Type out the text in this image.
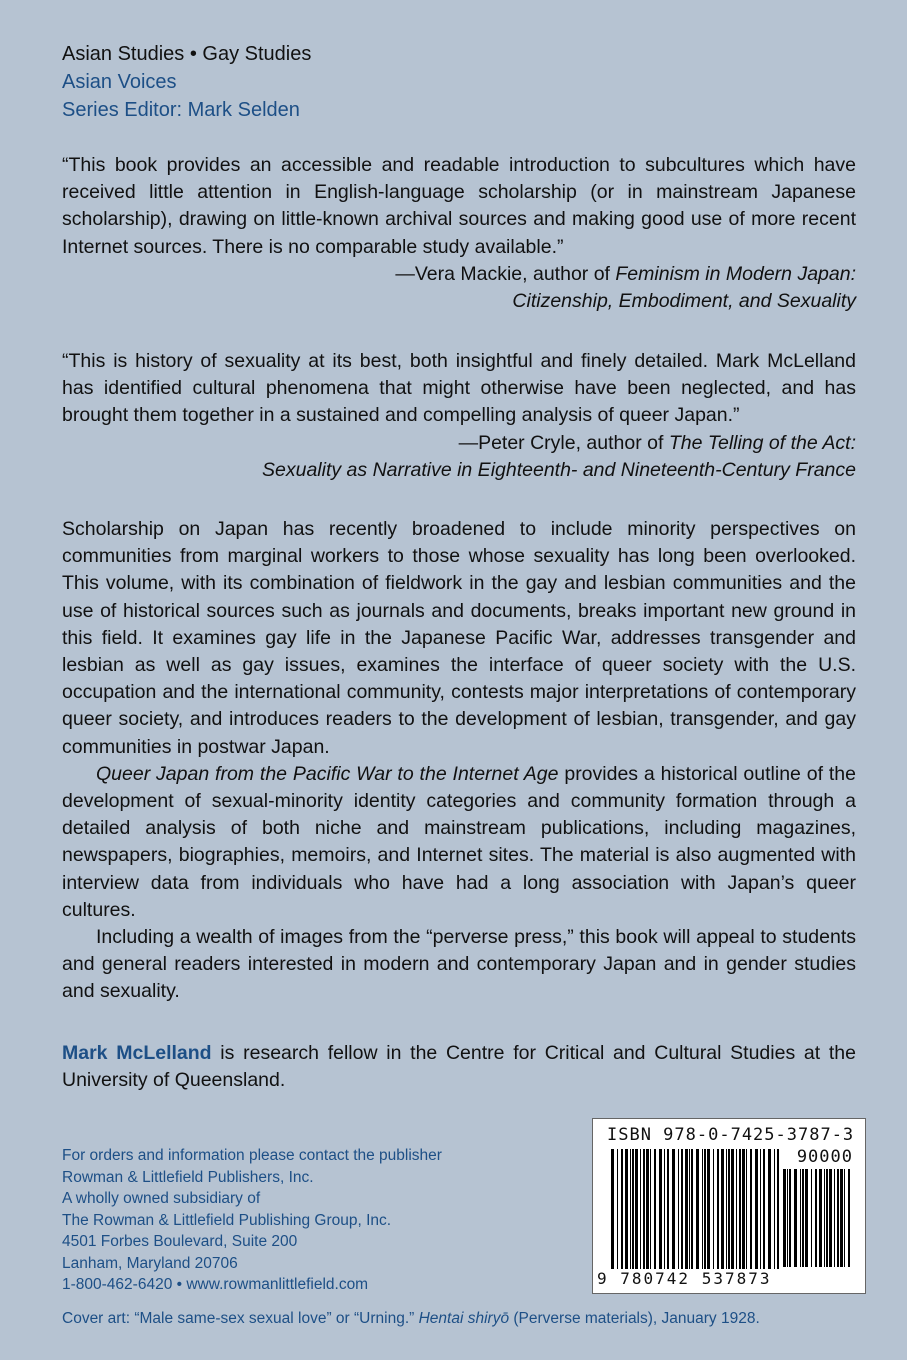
Asian Studies • Gay Studies
Asian Voices
Series Editor: Mark Selden
“This book provides an accessible and readable introduction to subcultures which have received little attention in English-language scholarship (or in mainstream Japanese scholarship), drawing on little-known archival sources and making good use of more recent Internet sources. There is no comparable study available.”
—Vera Mackie, author of Feminism in Modern Japan:
Citizenship, Embodiment, and Sexuality
“This is history of sexuality at its best, both insightful and finely detailed. Mark McLelland has identified cultural phenomena that might otherwise have been neglected, and has brought them together in a sustained and compelling analysis of queer Japan.”
—Peter Cryle, author of The Telling of the Act:
Sexuality as Narrative in Eighteenth- and Nineteenth-Century France

Scholarship on Japan has recently broadened to include minority perspectives on communities from marginal workers to those whose sexuality has long been overlooked. This volume, with its combination of fieldwork in the gay and lesbian communities and the use of historical sources such as journals and documents, breaks important new ground in this field. It examines gay life in the Japanese Pacific War, addresses transgender and lesbian as well as gay issues, examines the interface of queer society with the U.S. occupation and the international community, contests major interpretations of contemporary queer society, and introduces readers to the development of lesbian, transgender, and gay communities in postwar Japan.

Queer Japan from the Pacific War to the Internet Age provides a historical outline of the development of sexual-minority identity categories and community formation through a detailed analysis of both niche and mainstream publications, including magazines, newspapers, biographies, memoirs, and Internet sites. The material is also augmented with interview data from individuals who have had a long association with Japan’s queer cultures.

Including a wealth of images from the “perverse press,” this book will appeal to students and general readers interested in modern and contemporary Japan and in gender studies and sexuality.

Mark McLelland is research fellow in the Centre for Critical and Cultural Studies at the University of Queensland.
For orders and information please contact the publisher
Rowman & Littlefield Publishers, Inc.
A wholly owned subsidiary of
The Rowman & Littlefield Publishing Group, Inc.
4501 Forbes Boulevard, Suite 200
Lanham, Maryland 20706
1-800-462-6420 • www.rowmanlittlefield.com
ISBN 978-0-7425-3787-3
90000
9 780742 537873
Cover art: “Male same-sex sexual love” or “Urning.” Hentai shiryō (Perverse materials), January 1928.
